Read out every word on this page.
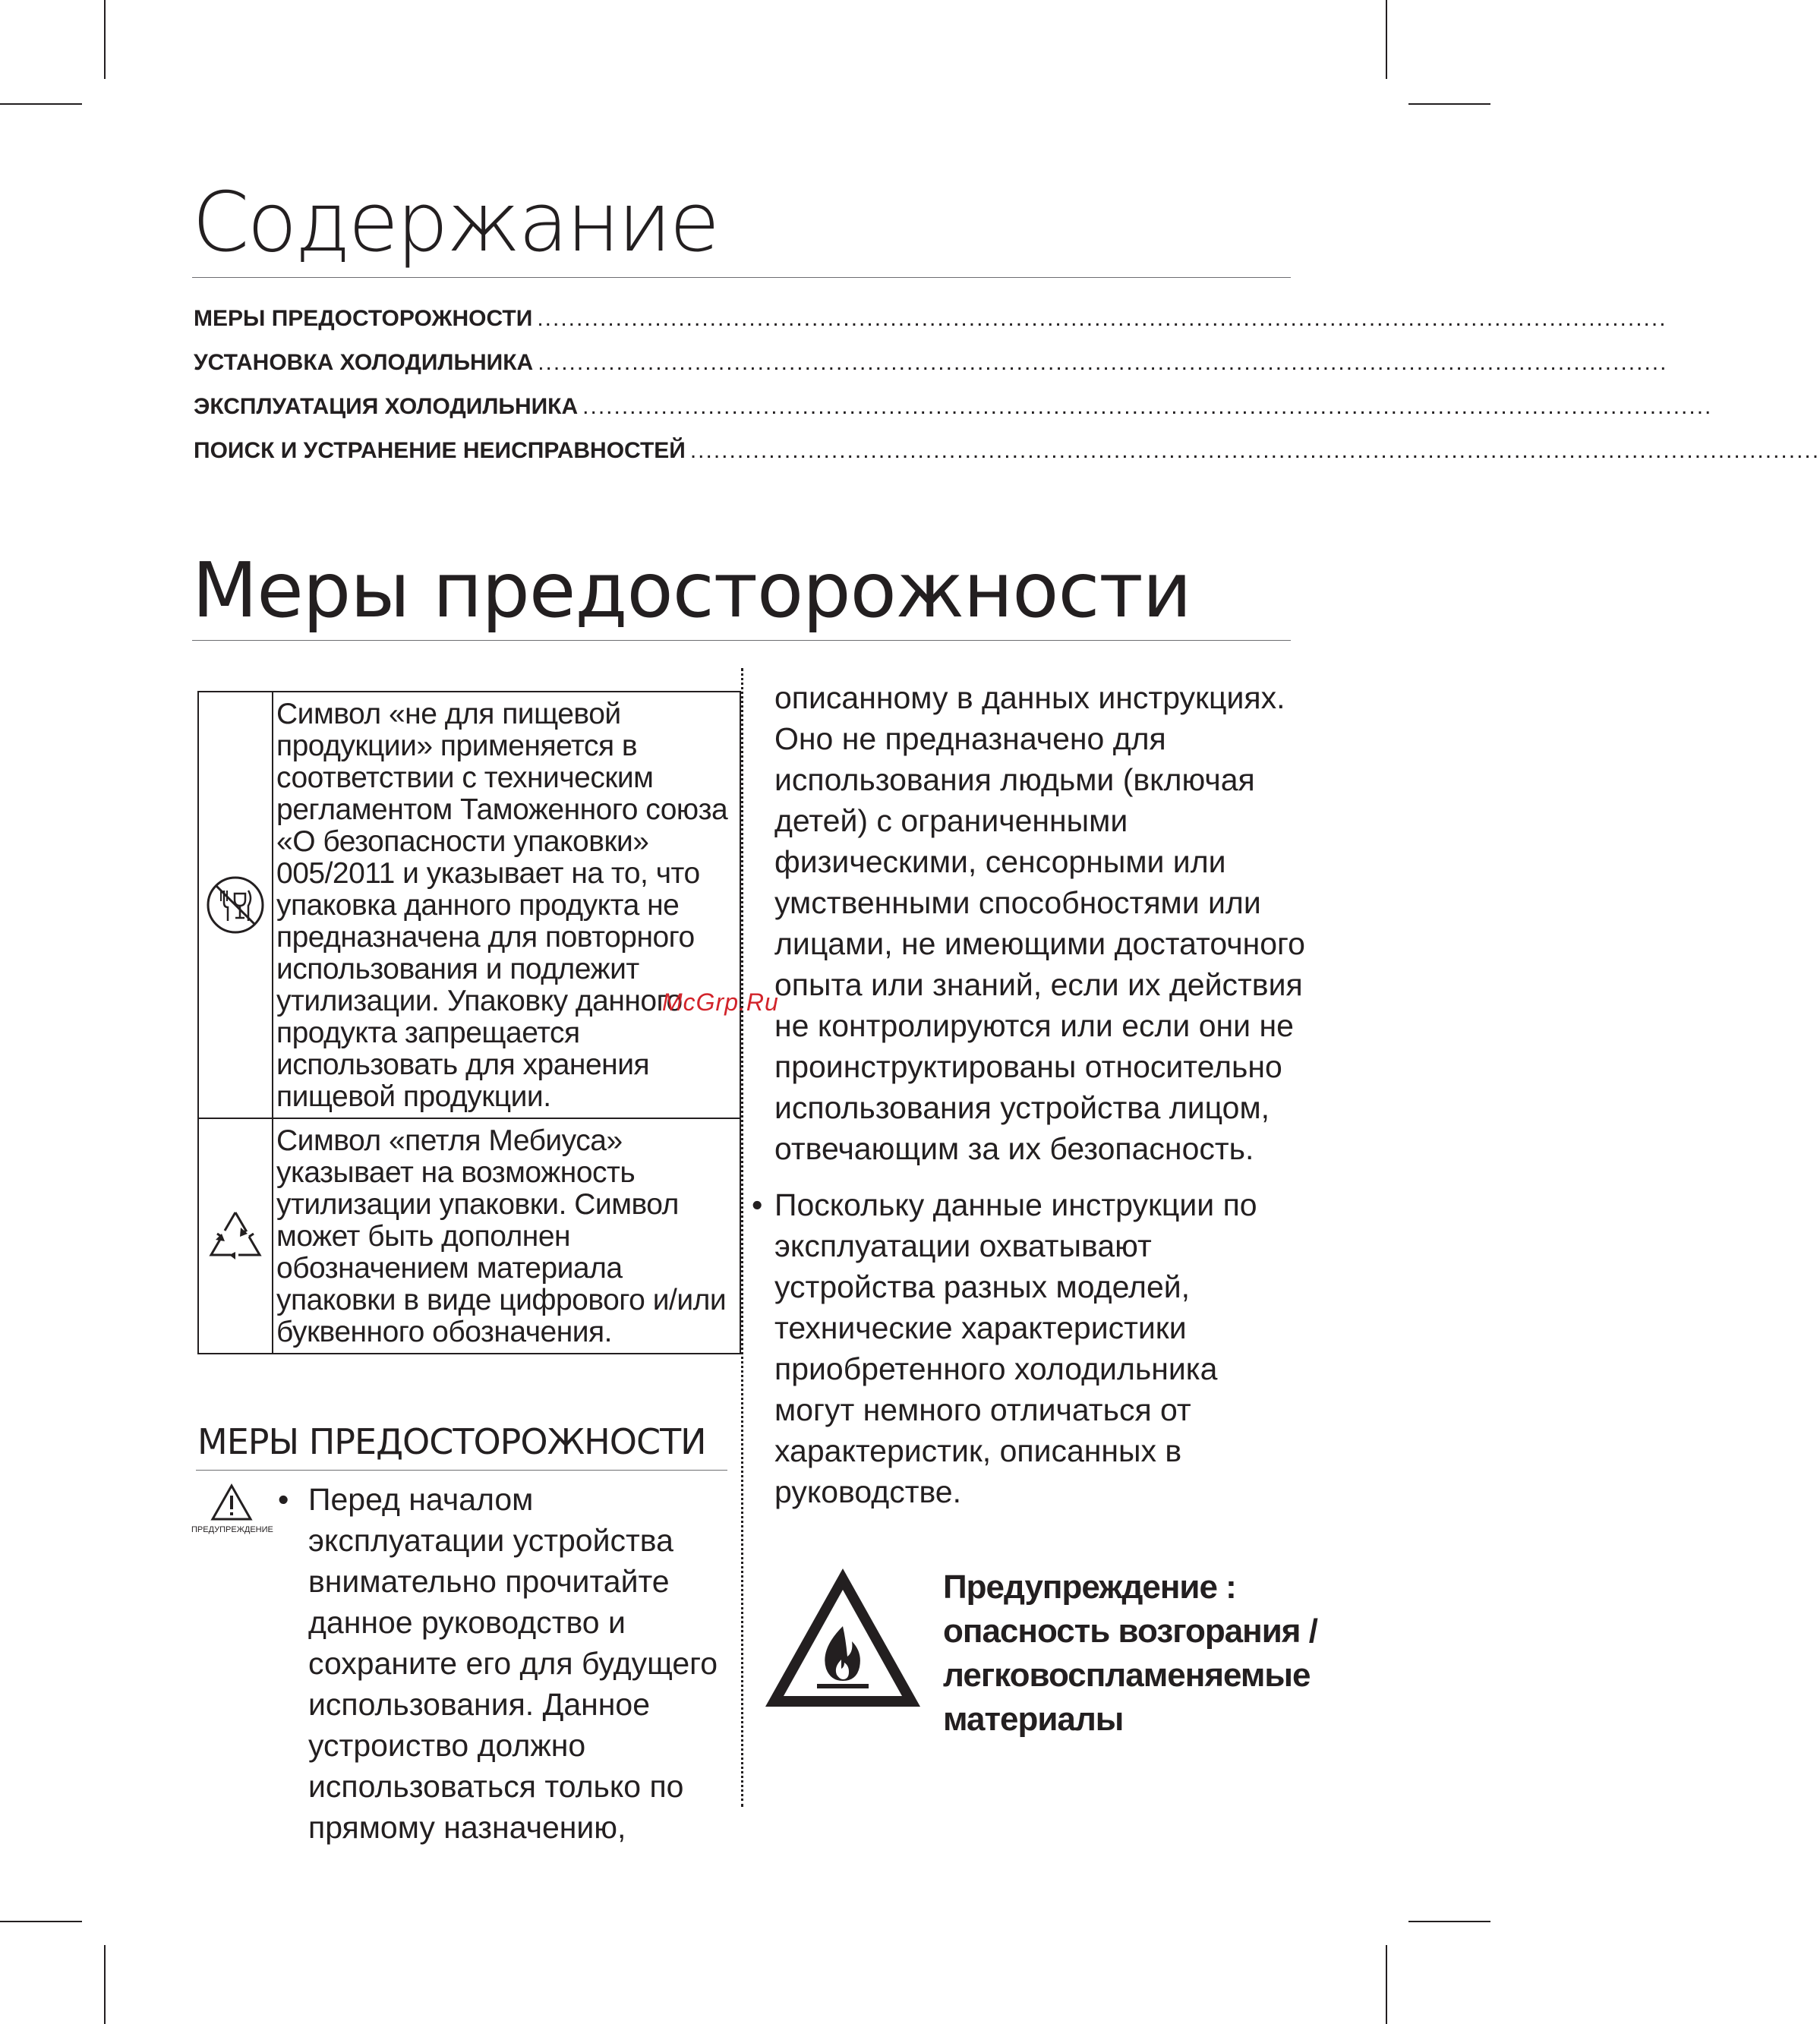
Содержание
МЕРЫ ПРЕДОСТОРОЖНОСТИ ................................................................................................................................................
УСТАНОВКА ХОЛОДИЛЬНИКА ................................................................................................................................................
ЭКСПЛУАТАЦИЯ ХОЛОДИЛЬНИКА ................................................................................................................................................
ПОИСК И УСТРАНЕНИЕ НЕИСПРАВНОСТЕЙ ................................................................................................................................................
Меры предосторожности
Символ «не для пищевой продукции» применяется в соответствии с техническим регламентом Таможенного союза «О безопасности упаковки» 005/2011 и указывает на то, что упаковка данного продукта не предназначена для повторного использования и подлежит утилизации. Упаковку данного продукта запрещается использовать для хранения пищевой продукции.
Символ «петля Мебиуса» указывает на возможность утилизации упаковки. Символ может быть дополнен обозначением материала упаковки в виде цифрового и/или буквенного обозначения.
МЕРЫ ПРЕДОСТОРОЖНОСТИ
ПРЕДУПРЕЖДЕНИЕ
• Перед началом эксплуатации устройства внимательно прочитайте данное руководство и сохраните его для будущего использования. Данное устроиство должно использоваться только по прямому назначению,

описанному в данных инструкциях. Оно не предназначено для использования людьми (включая детей) с ограниченными физическими, сенсорными или умственными способностями или лицами, не имеющими достаточного опыта или знаний, если их действия не контролируются или если они не проинструктированы относительно использования устройства лицом, отвечающим за их безопасность.

• Поскольку данные инструкции по эксплуатации охватывают устройства разных моделей, технические характеристики приобретенного холодильника могут немного отличаться от характеристик, описанных в руководстве.
Предупреждение :
опасность возгорания /
легковоспламеняемые
материалы
McGrp.Ru
